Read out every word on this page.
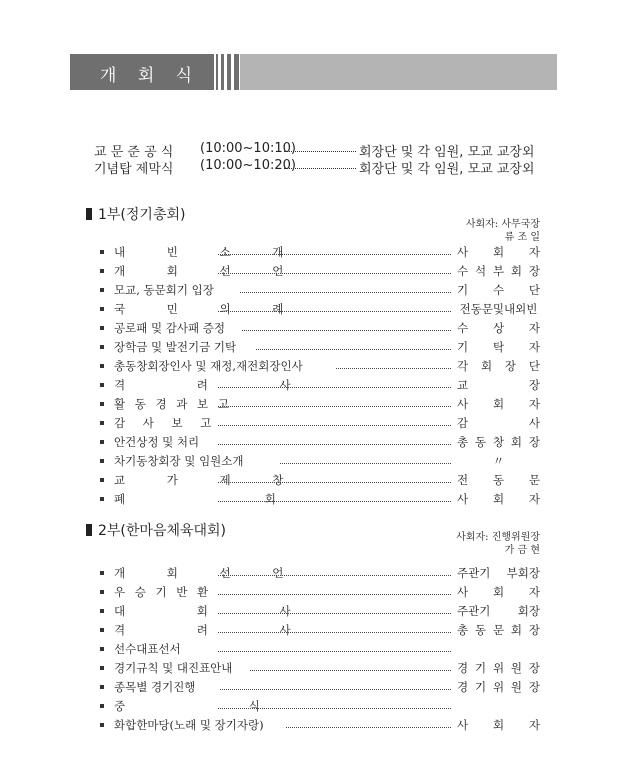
개 회 식
교 문 준 공 식 (10:00~10:10)	회장단 및 각 임원, 모교 교장외
기념탑 제막식 (10:00~10:20)	회장단 및 각 임원, 모교 교장외
1부(정기총회)
사회자: 사무국장
류 조 일
내 빈 소 개	사 회 자
개 회 선 언	수 석 부 회 장
모교, 동문회기 입장	기 수 단
국 민 의 례	전동문및내외빈
공로패 및 감사패 증정	수 상 자
장학금 및 발전기금 기탁	기 탁 자
총동창회장인사 및 재정,재전회장인사	각 회 장 단
격 려 사	교 장
활 동 경 과 보 고	사 회 자
감 사 보 고	감 사
안건상정 및 처리	총 동 창 회 장
차기동창회장 및 임원소개	〃
교 가 제 창	전 동 문
폐 회	사 회 자
2부(한마음체육대회)	사회자: 진행위원장
가 금 현
개 회 선 언	주관기 부회장
우 승 기 반 환	사 회 자
대 회 사	주관기 회장
격 려 사	총 동 문 회 장
선수대표선서
경기규칙 및 대진표안내	경 기 위 원 장
종목별 경기진행	경 기 위 원 장
중 식
화합한마당(노래 및 장기자랑)	사 회 자
